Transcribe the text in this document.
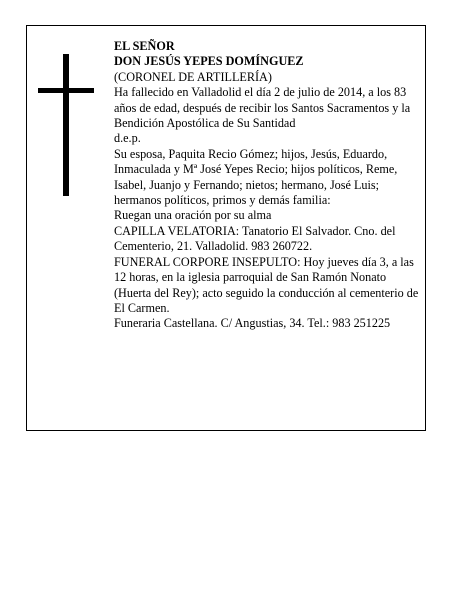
EL SEÑOR

DON JESÚS YEPES DOMÍNGUEZ

(CORONEL DE ARTILLERÍA)

Ha fallecido en Valladolid el día 2 de julio de 2014, a los 83 años de edad, después de recibir los Santos Sacramentos y la Bendición Apostólica de Su Santidad

d.e.p.

Su esposa, Paquita Recio Gómez; hijos, Jesús, Eduardo, Inmaculada y Mª José Yepes Recio; hijos políticos, Reme, Isabel, Juanjo y Fernando; nietos; hermano, José Luis; hermanos políticos, primos y demás familia:

Ruegan una oración por su alma

CAPILLA VELATORIA: Tanatorio El Salvador. Cno. del Cementerio, 21. Valladolid. 983 260722.

FUNERAL CORPORE INSEPULTO: Hoy jueves día 3, a las 12 horas, en la iglesia parroquial de San Ramón Nonato (Huerta del Rey); acto seguido la conducción al cementerio de El Carmen.

Funeraria Castellana. C/ Angustias, 34. Tel.: 983 251225
